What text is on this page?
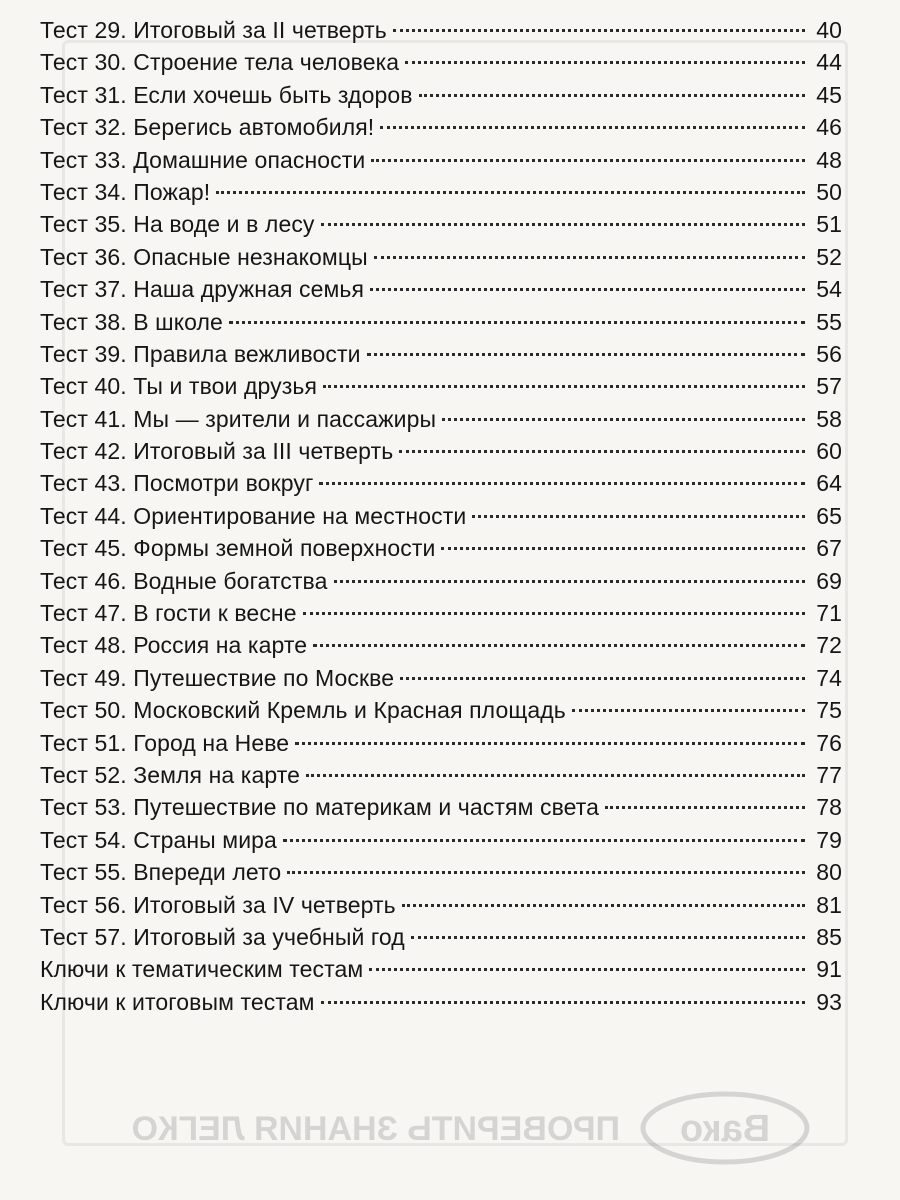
Тест 29. Итоговый за II четверть	40
Тест 30. Строение тела человека	44
Тест 31. Если хочешь быть здоров	45
Тест 32. Берегись автомобиля!	46
Тест 33. Домашние опасности	48
Тест 34. Пожар!	50
Тест 35. На воде и в лесу	51
Тест 36. Опасные незнакомцы	52
Тест 37. Наша дружная семья	54
Тест 38. В школе	55
Тест 39. Правила вежливости	56
Тест 40. Ты и твои друзья	57
Тест 41. Мы — зрители и пассажиры	58
Тест 42. Итоговый за III четверть	60
Тест 43. Посмотри вокруг	64
Тест 44. Ориентирование на местности	65
Тест 45. Формы земной поверхности	67
Тест 46. Водные богатства	69
Тест 47. В гости к весне	71
Тест 48. Россия на карте	72
Тест 49. Путешествие по Москве	74
Тест 50. Московский Кремль и Красная площадь	75
Тест 51. Город на Неве	76
Тест 52. Земля на карте	77
Тест 53. Путешествие по материкам и частям света	78
Тест 54. Страны мира	79
Тест 55. Впереди лето	80
Тест 56. Итоговый за IV четверть	81
Тест 57. Итоговый за учебный год	85
Ключи к тематическим тестам	91
Ключи к итоговым тестам	93
Вако
ПРОВЕРИТЬ ЗНАНИЯ ЛЕГКО
